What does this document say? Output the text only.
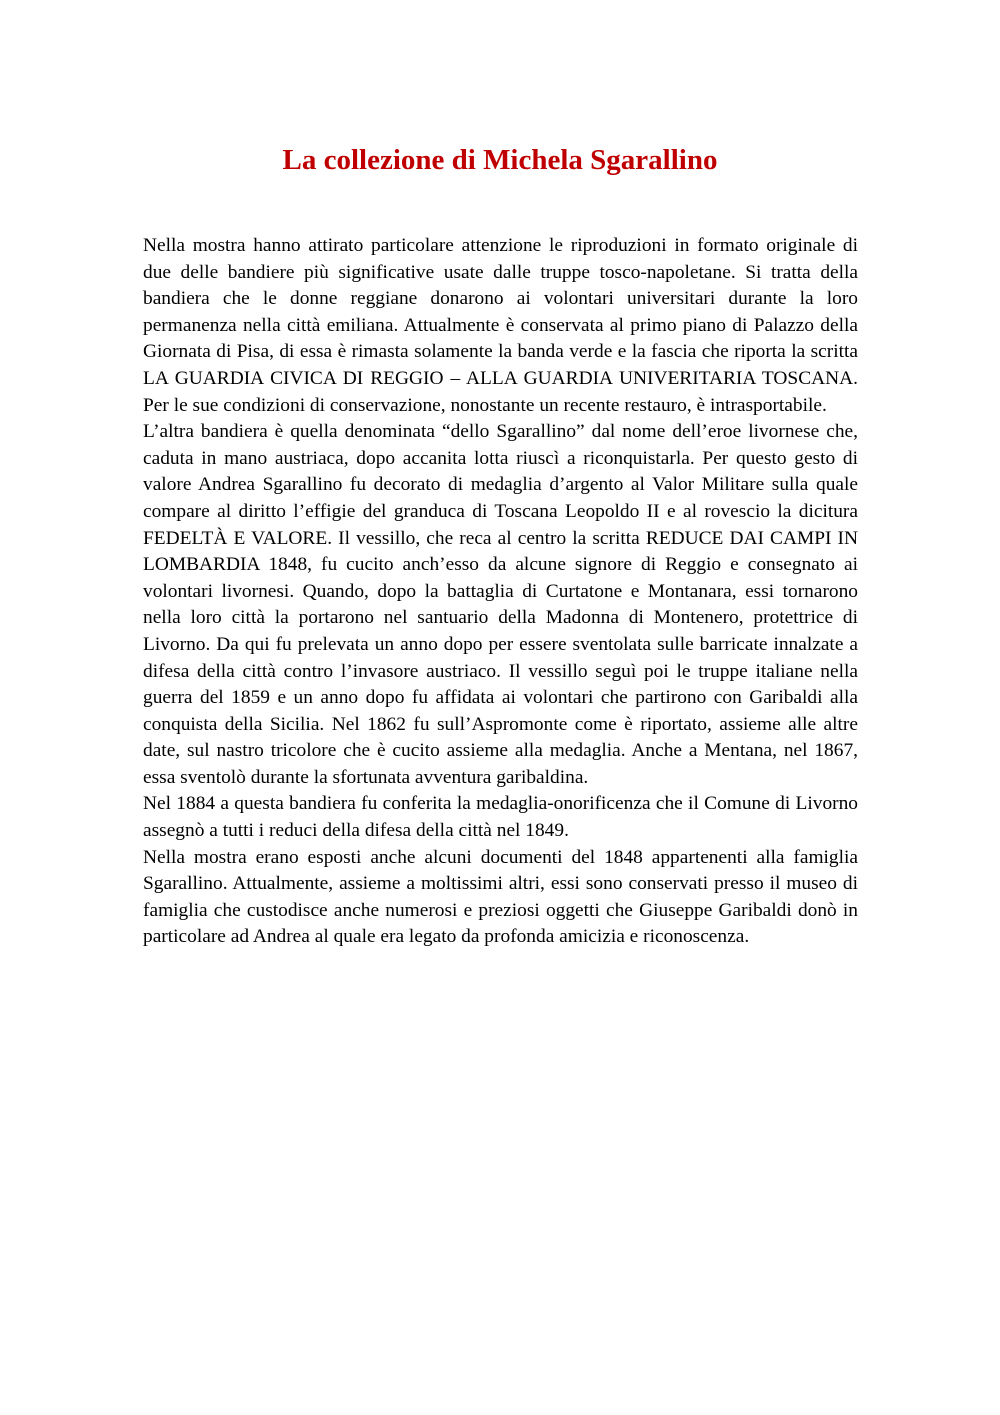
La collezione di Michela Sgarallino

Nella mostra hanno attirato particolare attenzione le riproduzioni in formato originale di due delle bandiere più significative usate dalle truppe tosco-napoletane. Si tratta della bandiera che le donne reggiane donarono ai volontari universitari durante la loro permanenza nella città emiliana. Attualmente è conservata al primo piano di Palazzo della Giornata di Pisa, di essa è rimasta solamente la banda verde e la fascia che riporta la scritta LA GUARDIA CIVICA DI REGGIO – ALLA GUARDIA UNIVERITARIA TOSCANA. Per le sue condizioni di conservazione, nonostante un recente restauro, è intrasportabile.

L’altra bandiera è quella denominata “dello Sgarallino” dal nome dell’eroe livornese che, caduta in mano austriaca, dopo accanita lotta riuscì a riconquistarla. Per questo gesto di valore Andrea Sgarallino fu decorato di medaglia d’argento al Valor Militare sulla quale compare al diritto l’effigie del granduca di Toscana Leopoldo II e al rovescio la dicitura FEDELTÀ E VALORE. Il vessillo, che reca al centro la scritta REDUCE DAI CAMPI IN LOMBARDIA 1848, fu cucito anch’esso da alcune signore di Reggio e consegnato ai volontari livornesi. Quando, dopo la battaglia di Curtatone e Montanara, essi tornarono nella loro città la portarono nel santuario della Madonna di Montenero, protettrice di Livorno. Da qui fu prelevata un anno dopo per essere sventolata sulle barricate innalzate a difesa della città contro l’invasore austriaco. Il vessillo seguì poi le truppe italiane nella guerra del 1859 e un anno dopo fu affidata ai volontari che partirono con Garibaldi alla conquista della Sicilia. Nel 1862 fu sull’Aspromonte come è riportato, assieme alle altre date, sul nastro tricolore che è cucito assieme alla medaglia. Anche a Mentana, nel 1867, essa sventolò durante la sfortunata avventura garibaldina.

Nel 1884 a questa bandiera fu conferita la medaglia-onorificenza che il Comune di Livorno assegnò a tutti i reduci della difesa della città nel 1849.

Nella mostra erano esposti anche alcuni documenti del 1848 appartenenti alla famiglia Sgarallino. Attualmente, assieme a moltissimi altri, essi sono conservati presso il museo di famiglia che custodisce anche numerosi e preziosi oggetti che Giuseppe Garibaldi donò in particolare ad Andrea al quale era legato da profonda amicizia e riconoscenza.
